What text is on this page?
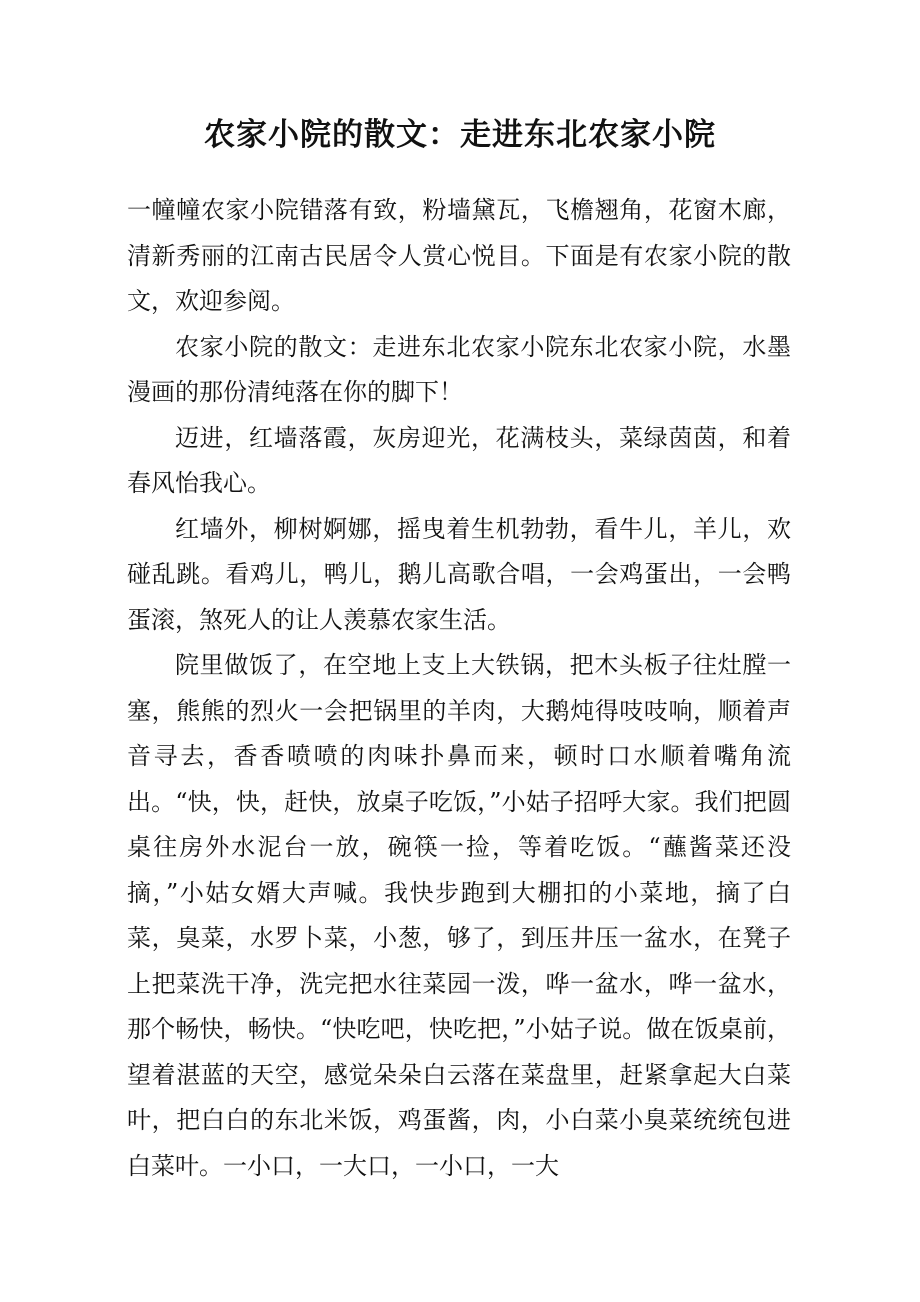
农家小院的散文：走进东北农家小院

一幢幢农家小院错落有致，粉墙黛瓦，飞檐翘角，花窗木廊，清新秀丽的江南古民居令人赏心悦目。下面是有农家小院的散文，欢迎参阅。

农家小院的散文：走进东北农家小院东北农家小院，水墨漫画的那份清纯落在你的脚下！

迈进，红墙落霞，灰房迎光，花满枝头，菜绿茵茵，和着春风怡我心。

红墙外，柳树婀娜，摇曳着生机勃勃，看牛儿，羊儿，欢碰乱跳。看鸡儿，鸭儿，鹅儿高歌合唱，一会鸡蛋出，一会鸭蛋滚，煞死人的让人羡慕农家生活。

院里做饭了，在空地上支上大铁锅，把木头板子往灶膛一塞，熊熊的烈火一会把锅里的羊肉，大鹅炖得吱吱响，顺着声音寻去，香香喷喷的肉味扑鼻而来，顿时口水顺着嘴角流出。“快，快，赶快，放桌子吃饭，”小姑子招呼大家。我们把圆桌往房外水泥台一放，碗筷一捡，等着吃饭。“蘸酱菜还没摘，”小姑女婿大声喊。我快步跑到大棚扣的小菜地，摘了白菜，臭菜，水罗卜菜，小葱，够了，到压井压一盆水，在凳子上把菜洗干净，洗完把水往菜园一泼，哗一盆水，哗一盆水，那个畅快，畅快。“快吃吧，快吃把，”小姑子说。做在饭桌前，望着湛蓝的天空，感觉朵朵白云落在菜盘里，赶紧拿起大白菜叶，把白白的东北米饭，鸡蛋酱，肉，小白菜小臭菜统统包进白菜叶。一小口，一大口，一小口，一大
